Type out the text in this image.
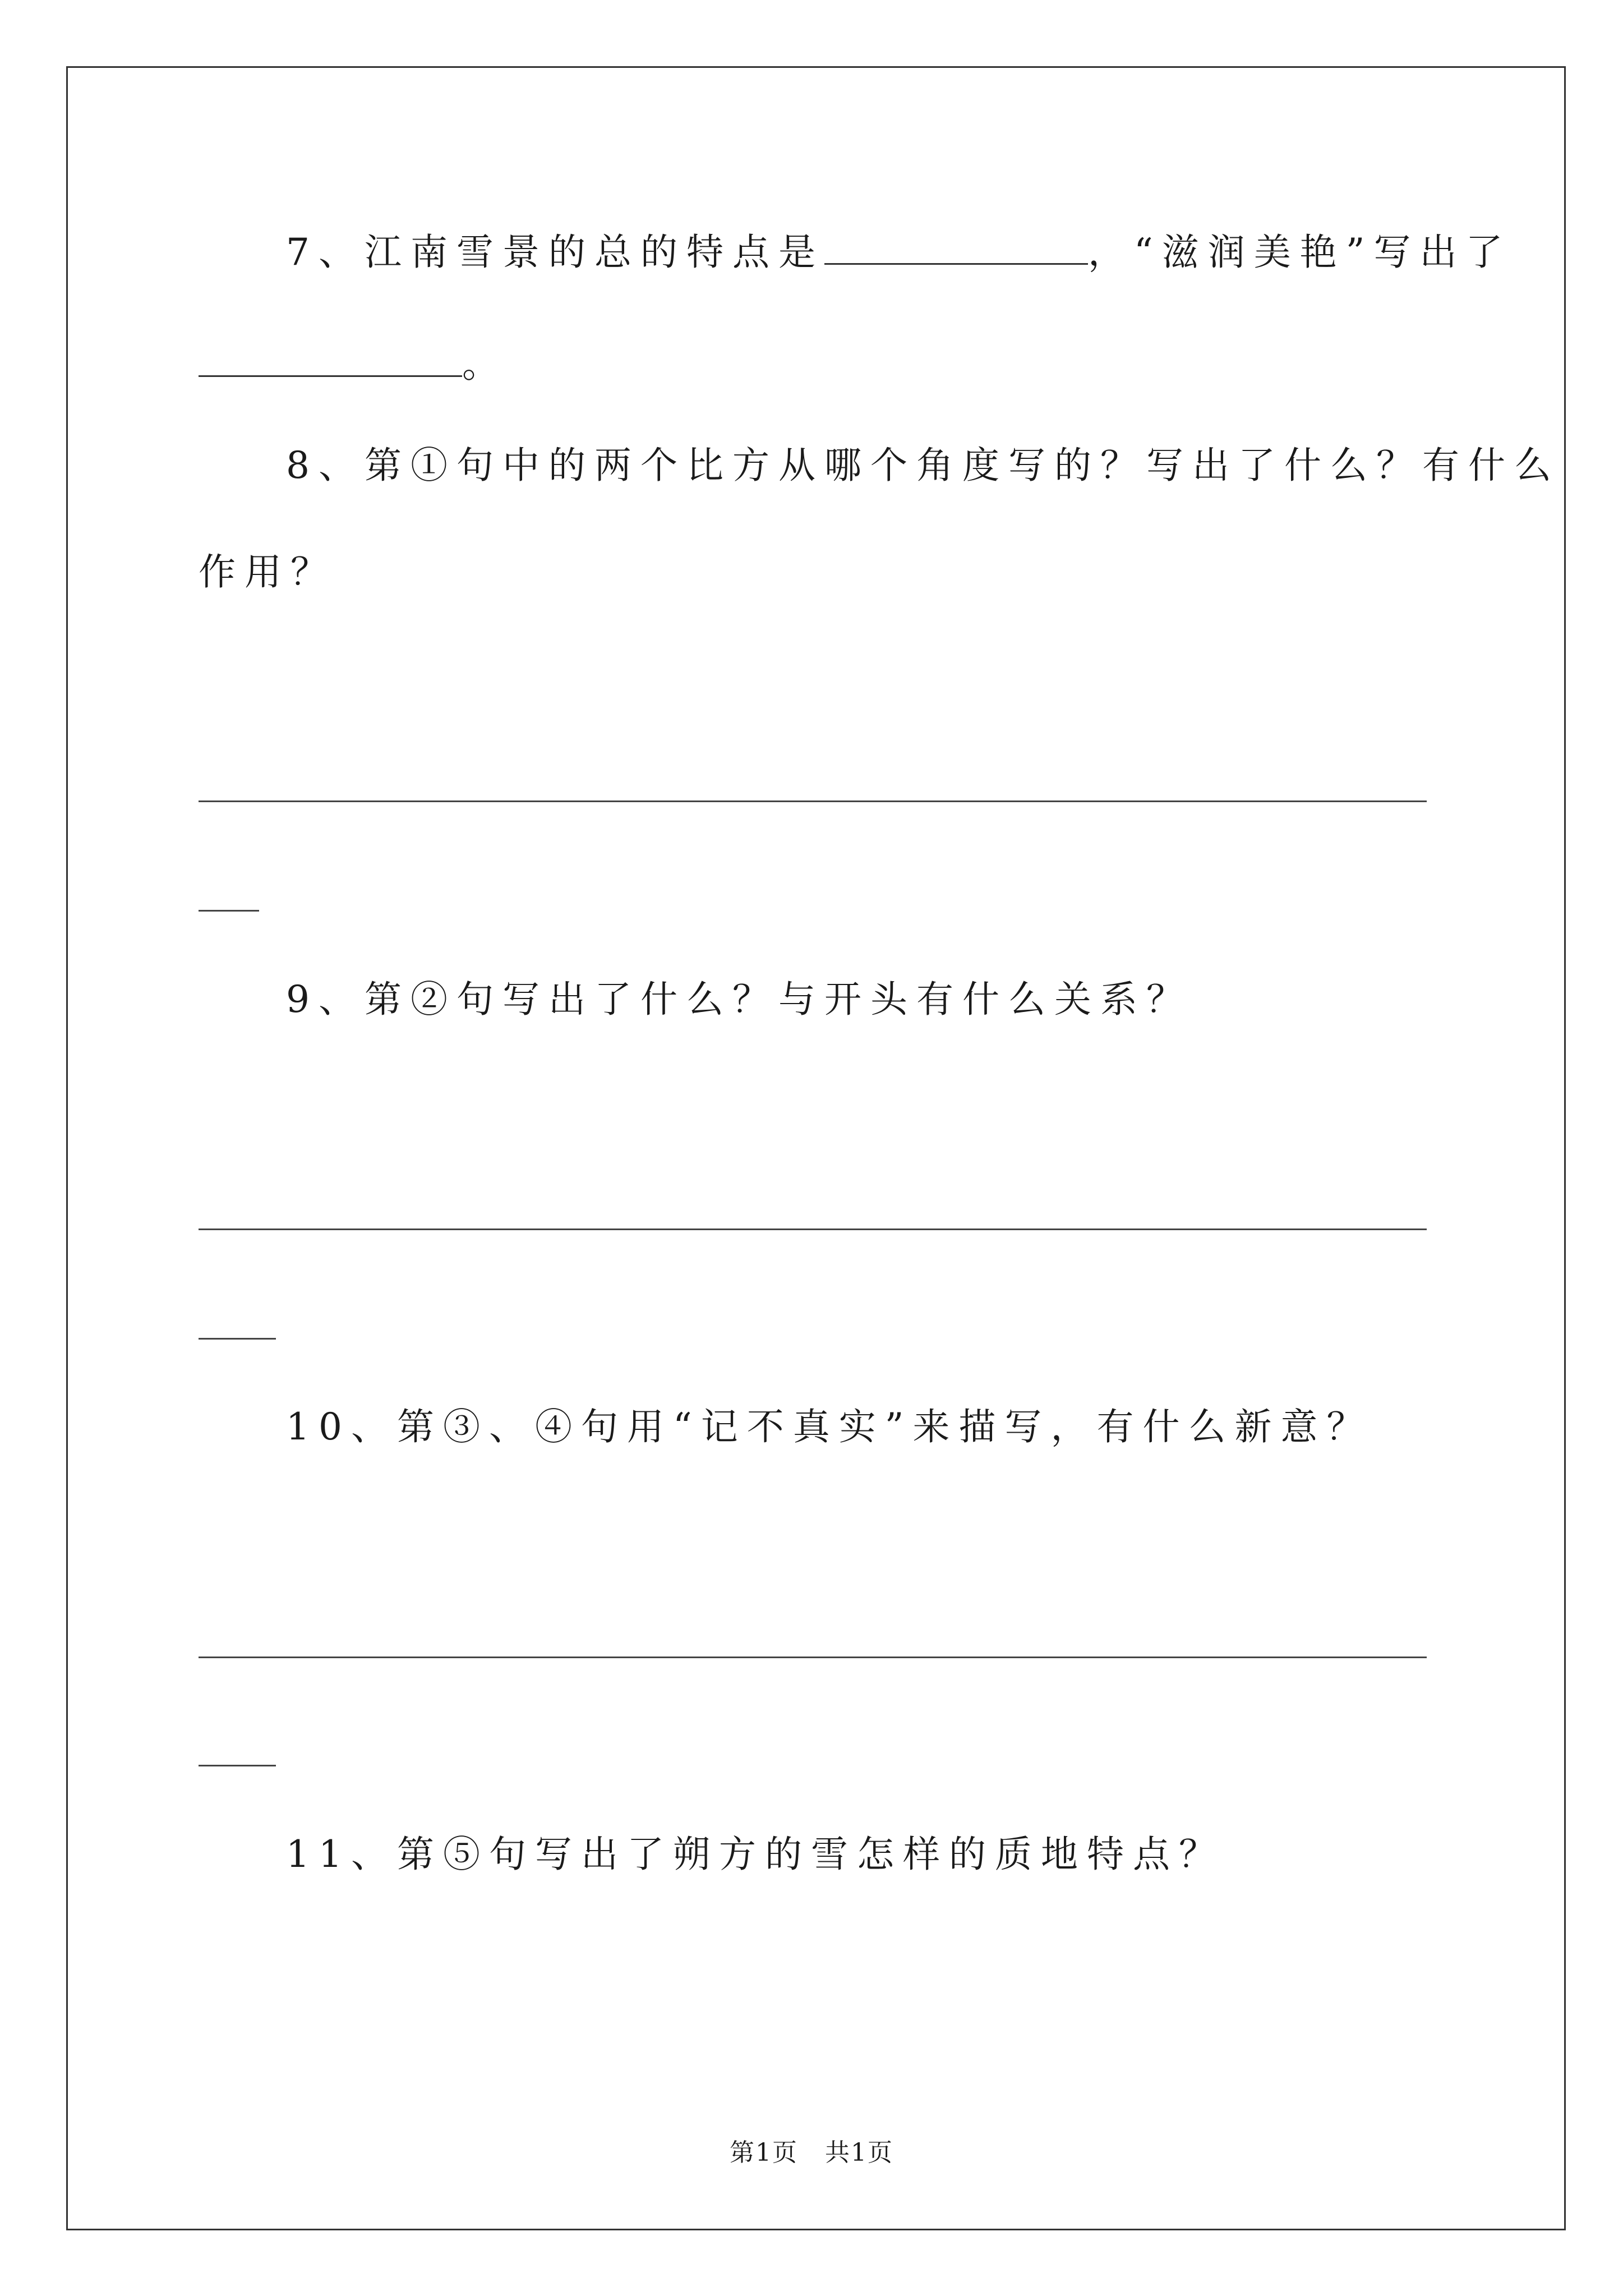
7、江南雪景的总的特点是	，“滋润美艳”写出了
。
8、第①句中的两个比方从哪个角度写的？写出了什么？有什么
作用？
9、第②句写出了什么？与开头有什么关系？
10、第③、④句用“记不真实”来描写，有什么新意？
11、第⑤句写出了朔方的雪怎样的质地特点？
第1页   共1页
